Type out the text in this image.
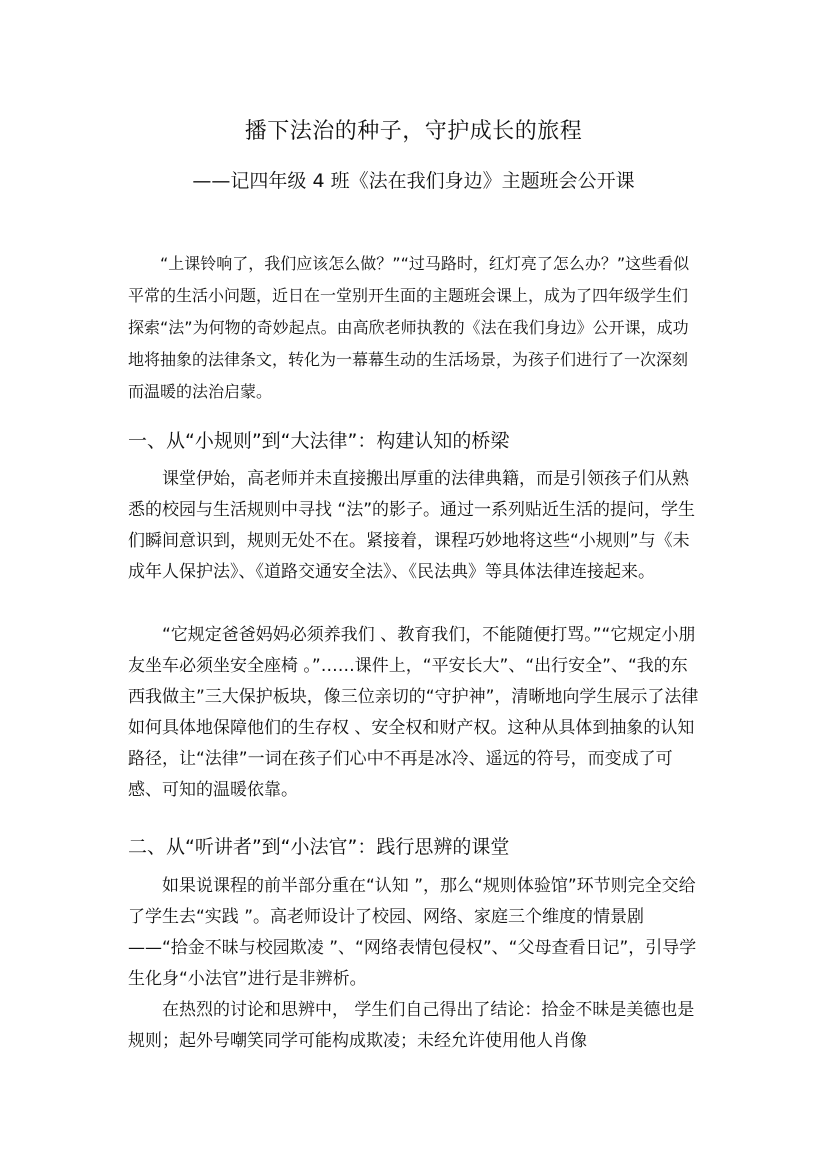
播下法治的种子，守护成长的旅程
——记四年级 4 班《法在我们身边》主题班会公开课

“上课铃响了，我们应该怎么做？”“过马路时，红灯亮了怎么办？”这些看似平常的生活小问题，近日在一堂别开生面的主题班会课上，成为了四年级学生们探索“法”为何物的奇妙起点。由高欣老师执教的《法在我们身边》公开课，成功地将抽象的法律条文，转化为一幕幕生动的生活场景，为孩子们进行了一次深刻而温暖的法治启蒙。

一、从“小规则”到“大法律”：构建认知的桥梁

课堂伊始，高老师并未直接搬出厚重的法律典籍，而是引领孩子们从熟悉的校园与生活规则中寻找 “法”的影子。通过一系列贴近生活的提问，学生们瞬间意识到，规则无处不在。紧接着，课程巧妙地将这些“小规则”与《未成年人保护法》、《道路交通安全法》、《民法典》等具体法律连接起来。

“它规定爸爸妈妈必须养我们 、教育我们，不能随便打骂。”“它规定小朋友坐车必须坐安全座椅 。”……课件上，“平安长大”、“出行安全”、“我的东西我做主”三大保护板块，像三位亲切的“守护神”，清晰地向学生展示了法律如何具体地保障他们的生存权 、安全权和财产权。这种从具体到抽象的认知路径，让“法律”一词在孩子们心中不再是冰冷、遥远的符号，而变成了可感、可知的温暖依靠。

二、从“听讲者”到“小法官”：践行思辨的课堂

如果说课程的前半部分重在“认知 ”，那么“规则体验馆”环节则完全交给了学生去“实践 ”。高老师设计了校园、网络、家庭三个维度的情景剧——“拾金不昧与校园欺凌 ”、“网络表情包侵权”、“父母查看日记”，引导学生化身“小法官”进行是非辨析。

在热烈的讨论和思辨中， 学生们自己得出了结论：拾金不昧是美德也是规则；起外号嘲笑同学可能构成欺凌；未经允许使用他人肖像
